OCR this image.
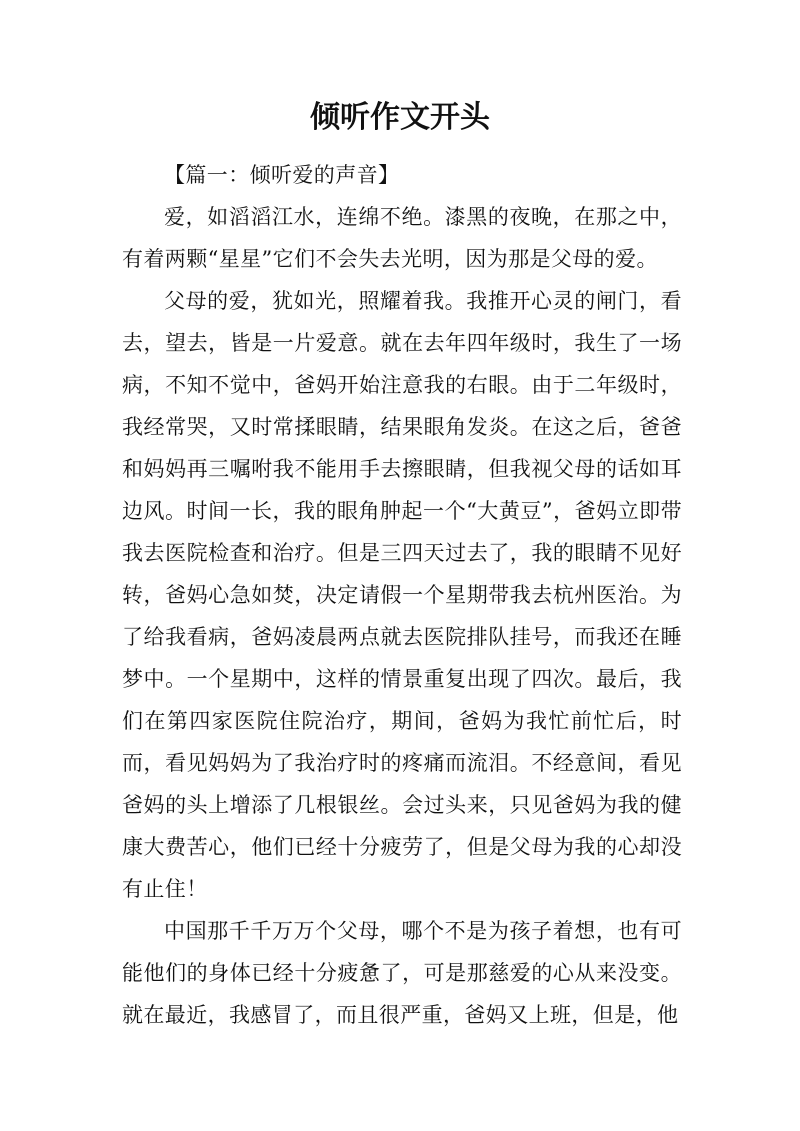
倾听作文开头

【篇一：倾听爱的声音】

爱，如滔滔江水，连绵不绝。漆黑的夜晚，在那之中，有着两颗“星星”它们不会失去光明，因为那是父母的爱。

父母的爱，犹如光，照耀着我。我推开心灵的闸门，看去，望去，皆是一片爱意。就在去年四年级时，我生了一场病，不知不觉中，爸妈开始注意我的右眼。由于二年级时，我经常哭，又时常揉眼睛，结果眼角发炎。在这之后，爸爸和妈妈再三嘱咐我不能用手去擦眼睛，但我视父母的话如耳边风。时间一长，我的眼角肿起一个“大黄豆”，爸妈立即带我去医院检查和治疗。但是三四天过去了，我的眼睛不见好转，爸妈心急如焚，决定请假一个星期带我去杭州医治。为了给我看病，爸妈凌晨两点就去医院排队挂号，而我还在睡梦中。一个星期中，这样的情景重复出现了四次。最后，我们在第四家医院住院治疗，期间，爸妈为我忙前忙后，时而，看见妈妈为了我治疗时的疼痛而流泪。不经意间，看见爸妈的头上增添了几根银丝。会过头来，只见爸妈为我的健康大费苦心，他们已经十分疲劳了，但是父母为我的心却没有止住！

中国那千千万万个父母，哪个不是为孩子着想，也有可能他们的身体已经十分疲惫了，可是那慈爱的心从来没变。就在最近，我感冒了，而且很严重，爸妈又上班，但是，他
